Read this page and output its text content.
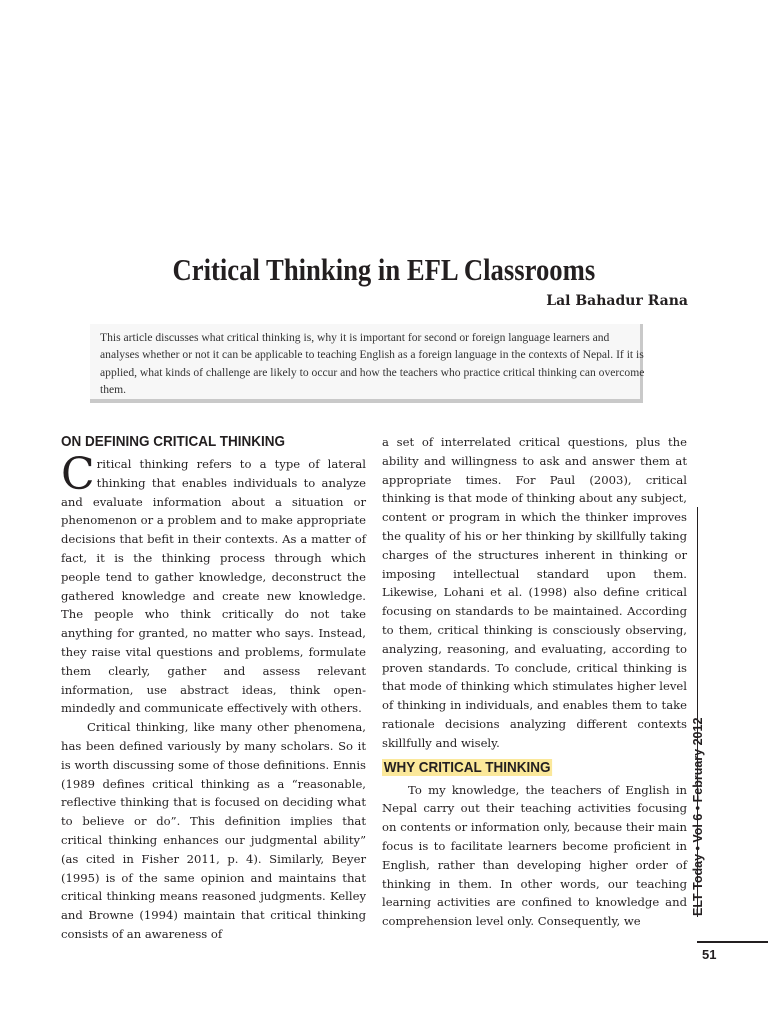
Critical Thinking in EFL Classrooms
Lal Bahadur Rana
This article discusses what critical thinking is, why it is important for second or foreign language learners and analyses whether or not it can be applicable to teaching English as a foreign language in the contexts of Nepal. If it is applied, what kinds of challenge are likely to occur and how the teachers who practice critical thinking can overcome them.
ON DEFINING CRITICAL THINKING

Critical thinking refers to a type of lateral thinking that enables individuals to analyze and evaluate information about a situation or phenomenon or a problem and to make appropriate decisions that befit in their contexts. As a matter of fact, it is the thinking process through which people tend to gather knowledge, deconstruct the gathered knowledge and create new knowledge. The people who think critically do not take anything for granted, no matter who says. Instead, they raise vital questions and problems, formulate them clearly, gather and assess relevant information, use abstract ideas, think open-mindedly and communicate effectively with others.

Critical thinking, like many other phenomena, has been defined variously by many scholars. So it is worth discussing some of those definitions. Ennis (1989 defines critical thinking as a “reasonable, reflective thinking that is focused on deciding what to believe or do”. This definition implies that critical thinking enhances our judgmental ability” (as cited in Fisher 2011, p. 4). Similarly, Beyer (1995) is of the same opinion and maintains that critical thinking means reasoned judgments. Kelley and Browne (1994) maintain that critical thinking consists of an awareness of

a set of interrelated critical questions, plus the ability and willingness to ask and answer them at appropriate times. For Paul (2003), critical thinking is that mode of thinking about any subject, content or program in which the thinker improves the quality of his or her thinking by skillfully taking charges of the structures inherent in thinking or imposing intellectual standard upon them. Likewise, Lohani et al. (1998) also define critical focusing on standards to be maintained. According to them, critical thinking is consciously observing, analyzing, reasoning, and evaluating, according to proven standards. To conclude, critical thinking is that mode of thinking which stimulates higher level of thinking in individuals, and enables them to take rationale decisions analyzing different contexts skillfully and wisely.

WHY CRITICAL THINKING

To my knowledge, the teachers of English in Nepal carry out their teaching activities focusing on contents or information only, because their main focus is to facilitate learners become proficient in English, rather than developing higher order of thinking in them. In other words, our teaching learning activities are confined to knowledge and comprehension level only. Consequently, we

ELT Today • Vol 6 • February 2012
51
